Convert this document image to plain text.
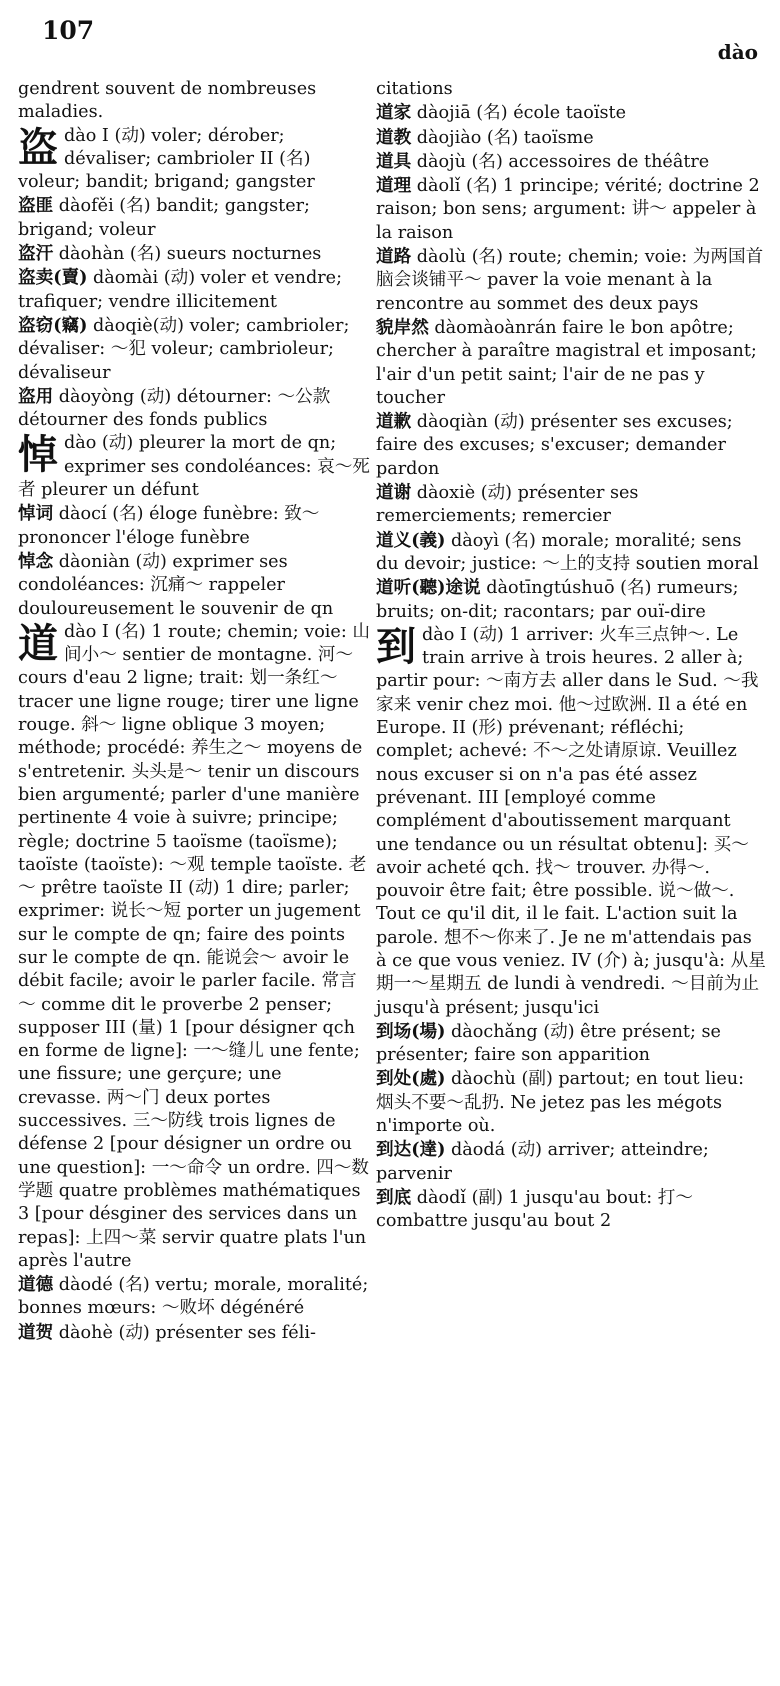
107
dào

gendrent souvent de nombreuses maladies.

盗dào I (动) voler; dérober; dévaliser; cambrioler II (名) voleur; bandit; brigand; gangster

盗匪 dàofěi (名) bandit; gangster; brigand; voleur

盗汗 dàohàn (名) sueurs nocturnes

盗卖(賣) dàomài (动) voler et vendre; trafiquer; vendre illicitement

盗窃(竊) dàoqiè(动) voler; cambrioler; dévaliser: ～犯 voleur; cambrioleur; dévaliseur

盗用 dàoyòng (动) détourner: ～公款 détourner des fonds publics

悼dào (动) pleurer la mort de qn; exprimer ses condoléances: 哀～死者 pleurer un défunt

悼词 dàocí (名) éloge funèbre: 致～ prononcer l'éloge funèbre

悼念 dàoniàn (动) exprimer ses condoléances: 沉痛～ rappeler douloureusement le souvenir de qn

道dào I (名) 1 route; chemin; voie: 山间小～ sentier de montagne. 河～ cours d'eau 2 ligne; trait: 划一条红～ tracer une ligne rouge; tirer une ligne rouge. 斜～ ligne oblique 3 moyen; méthode; procédé: 养生之～ moyens de s'entretenir. 头头是～ tenir un discours bien argumenté; parler d'une manière pertinente 4 voie à suivre; principe; règle; doctrine 5 taoïsme (taoïsme); taoïste (taoïste): ～观 temple taoïste. 老～ prêtre taoïste II (动) 1 dire; parler; exprimer: 说长～短 porter un jugement sur le compte de qn; faire des points sur le compte de qn. 能说会～ avoir le débit facile; avoir le parler facile. 常言～ comme dit le proverbe 2 penser; supposer III (量) 1 [pour désigner qch en forme de ligne]: 一～缝儿 une fente; une fissure; une gerçure; une crevasse. 两～门 deux portes successives. 三～防线 trois lignes de défense 2 [pour désigner un ordre ou une question]: 一～命令 un ordre. 四～数学题 quatre problèmes mathématiques 3 [pour désginer des services dans un repas]: 上四～菜 servir quatre plats l'un après l'autre

道德 dàodé (名) vertu; morale, moralité; bonnes mœurs: ～败坏 dégénéré

道贺 dàohè (动) présenter ses féli-

citations

道家 dàojiā (名) école taoïste

道教 dàojiào (名) taoïsme

道具 dàojù (名) accessoires de théâtre

道理 dàolǐ (名) 1 principe; vérité; doctrine 2 raison; bon sens; argument: 讲～ appeler à la raison

道路 dàolù (名) route; chemin; voie: 为两国首脑会谈铺平～ paver la voie menant à la rencontre au sommet des deux pays

貌岸然 dàomàoànrán faire le bon apôtre; chercher à paraître magistral et imposant; l'air d'un petit saint; l'air de ne pas y toucher

道歉 dàoqiàn (动) présenter ses excuses; faire des excuses; s'excuser; demander pardon

道谢 dàoxiè (动) présenter ses remerciements; remercier

道义(義) dàoyì (名) morale; moralité; sens du devoir; justice: ～上的支持 soutien moral

道听(聽)途说 dàotīngtúshuō (名) rumeurs; bruits; on-dit; racontars; par ouï-dire

到dào I (动) 1 arriver: 火车三点钟～. Le train arrive à trois heures. 2 aller à; partir pour: ～南方去 aller dans le Sud. ～我家来 venir chez moi. 他～过欧洲. Il a été en Europe. II (形) prévenant; réfléchi; complet; achevé: 不～之处请原谅. Veuillez nous excuser si on n'a pas été assez prévenant. III [employé comme complément d'aboutissement marquant une tendance ou un résultat obtenu]: 买～ avoir acheté qch. 找～ trouver. 办得～. pouvoir être fait; être possible. 说～做～. Tout ce qu'il dit, il le fait. L'action suit la parole. 想不～你来了. Je ne m'attendais pas à ce que vous veniez. IV (介) à; jusqu'à: 从星期一～星期五 de lundi à vendredi. ～目前为止 jusqu'à présent; jusqu'ici

到场(場) dàochǎng (动) être présent; se présenter; faire son apparition

到处(處) dàochù (副) partout; en tout lieu: 烟头不要～乱扔. Ne jetez pas les mégots n'importe où.

到达(達) dàodá (动) arriver; atteindre; parvenir

到底 dàodǐ (副) 1 jusqu'au bout: 打～ combattre jusqu'au bout 2
